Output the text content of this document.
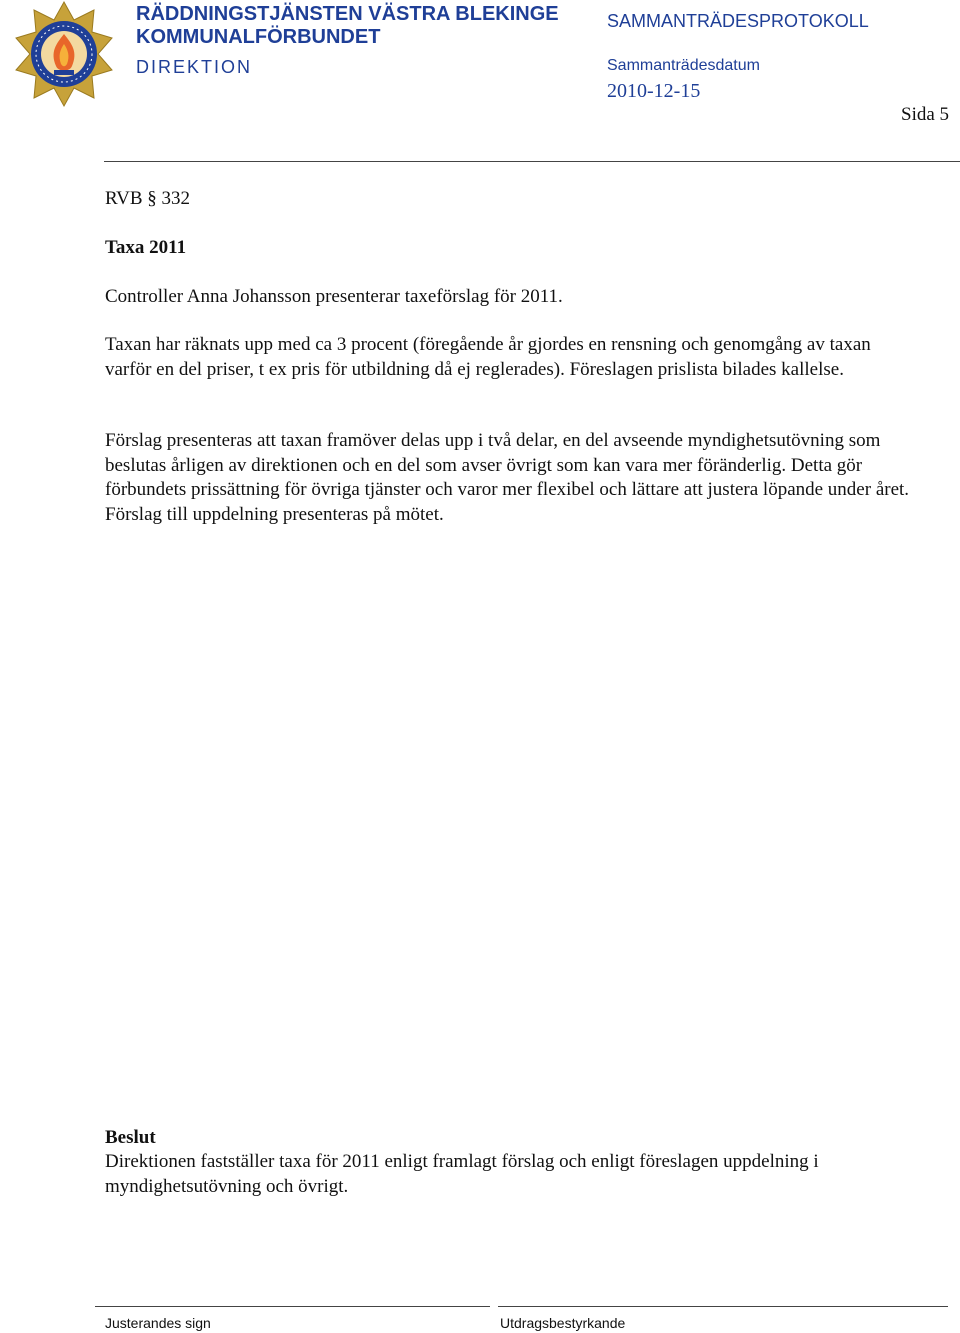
RÄDDNINGSTJÄNSTEN VÄSTRA BLEKINGE
KOMMUNALFÖRBUNDET
DIREKTION
SAMMANTRÄDESPROTOKOLL
Sammanträdesdatum
2010-12-15
Sida 5
RVB § 332
Taxa 2011
Controller Anna Johansson presenterar taxeförslag för 2011.
Taxan har räknats upp med ca 3 procent (föregående år gjordes en rensning och genomgång av taxan varför en del priser, t ex pris för utbildning då ej reglerades). Föreslagen prislista bilades kallelse.
Förslag presenteras att taxan framöver delas upp i två delar, en del avseende myndighetsutövning som beslutas årligen av direktionen och en del som avser övrigt som kan vara mer föränderlig. Detta gör förbundets prissättning för övriga tjänster och varor mer flexibel och lättare att justera löpande under året. Förslag till uppdelning presenteras på mötet.
Beslut
Direktionen fastställer taxa för 2011 enligt framlagt förslag och enligt föreslagen uppdelning i myndighetsutövning och övrigt.
Justerandes sign	Utdragsbestyrkande
